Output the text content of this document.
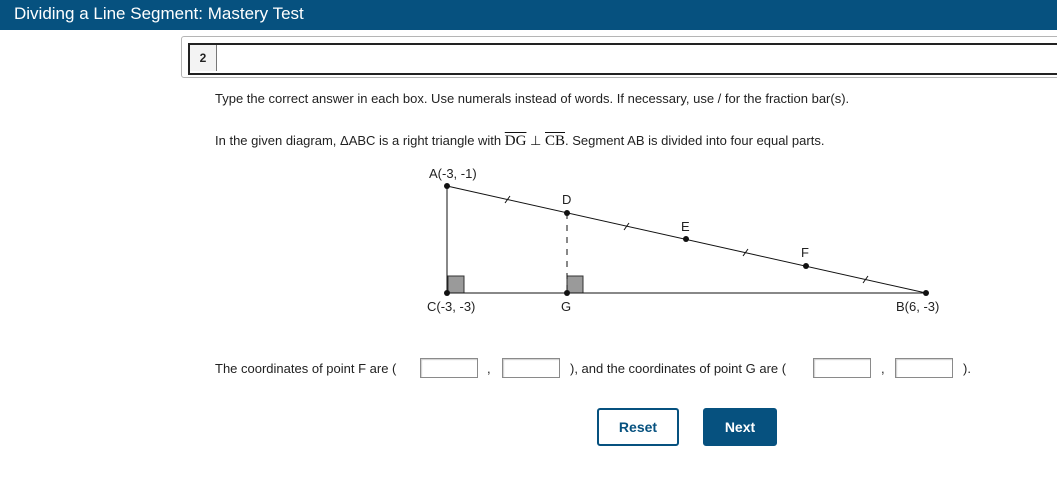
Dividing a Line Segment: Mastery Test
2
Type the correct answer in each box. Use numerals instead of words. If necessary, use / for the fraction bar(s).
In the given diagram, ΔABC is a right triangle with $\overline{DG}$ ⊥ $\overline{CB}$. Segment AB is divided into four equal parts.
A(-3, -1)
D
E
F
C(-3, -3)	G	B(6, -3)
The coordinates of point F are (	,	), and the coordinates of point G are (	,	).
Reset	Next
